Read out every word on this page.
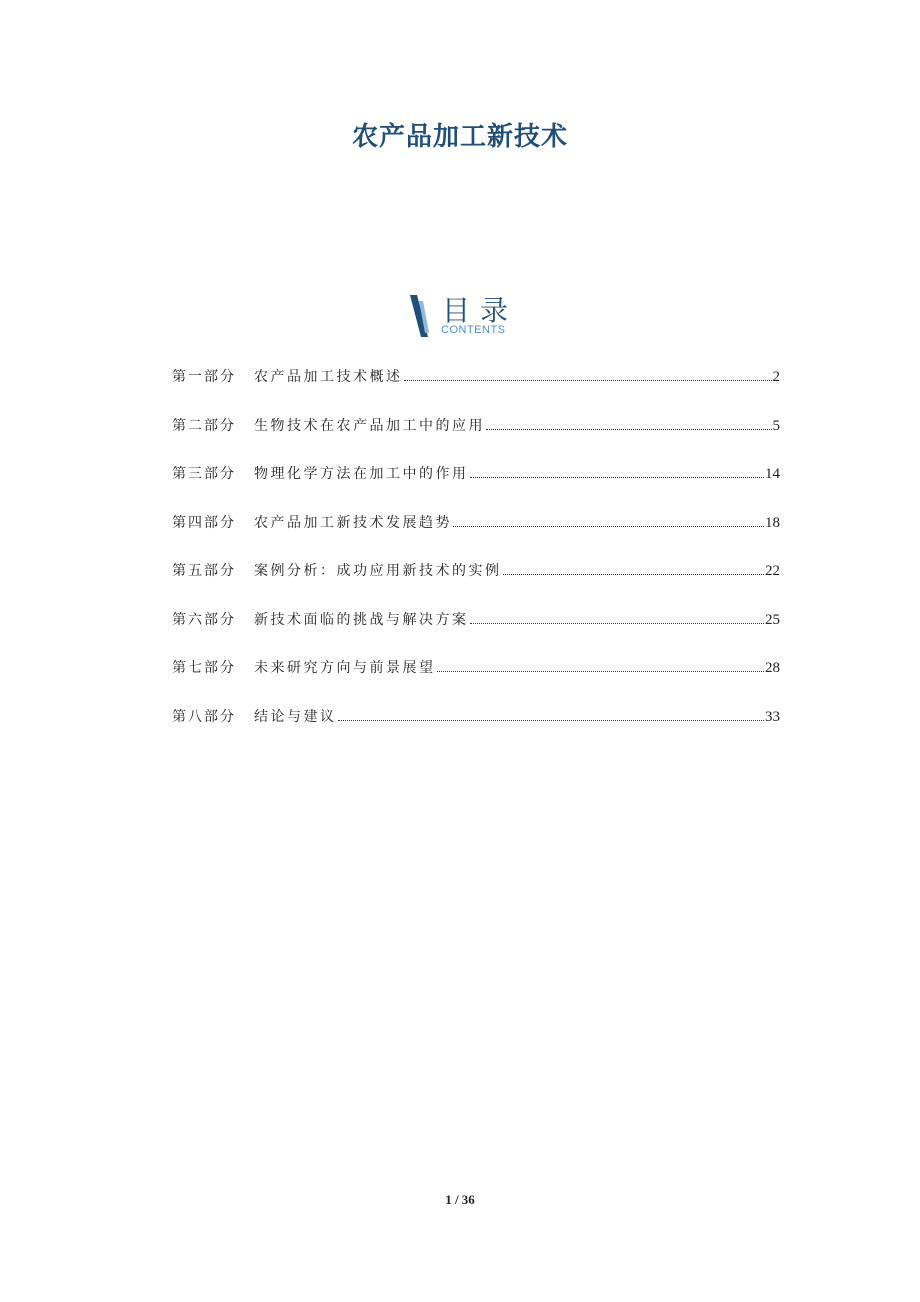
农产品加工新技术
目录
CONTENTS
第一部分	农产品加工技术概述	2
第二部分	生物技术在农产品加工中的应用	5
第三部分	物理化学方法在加工中的作用	14
第四部分	农产品加工新技术发展趋势	18
第五部分	案例分析：成功应用新技术的实例	22
第六部分	新技术面临的挑战与解决方案	25
第七部分	未来研究方向与前景展望	28
第八部分	结论与建议	33
1 / 36
